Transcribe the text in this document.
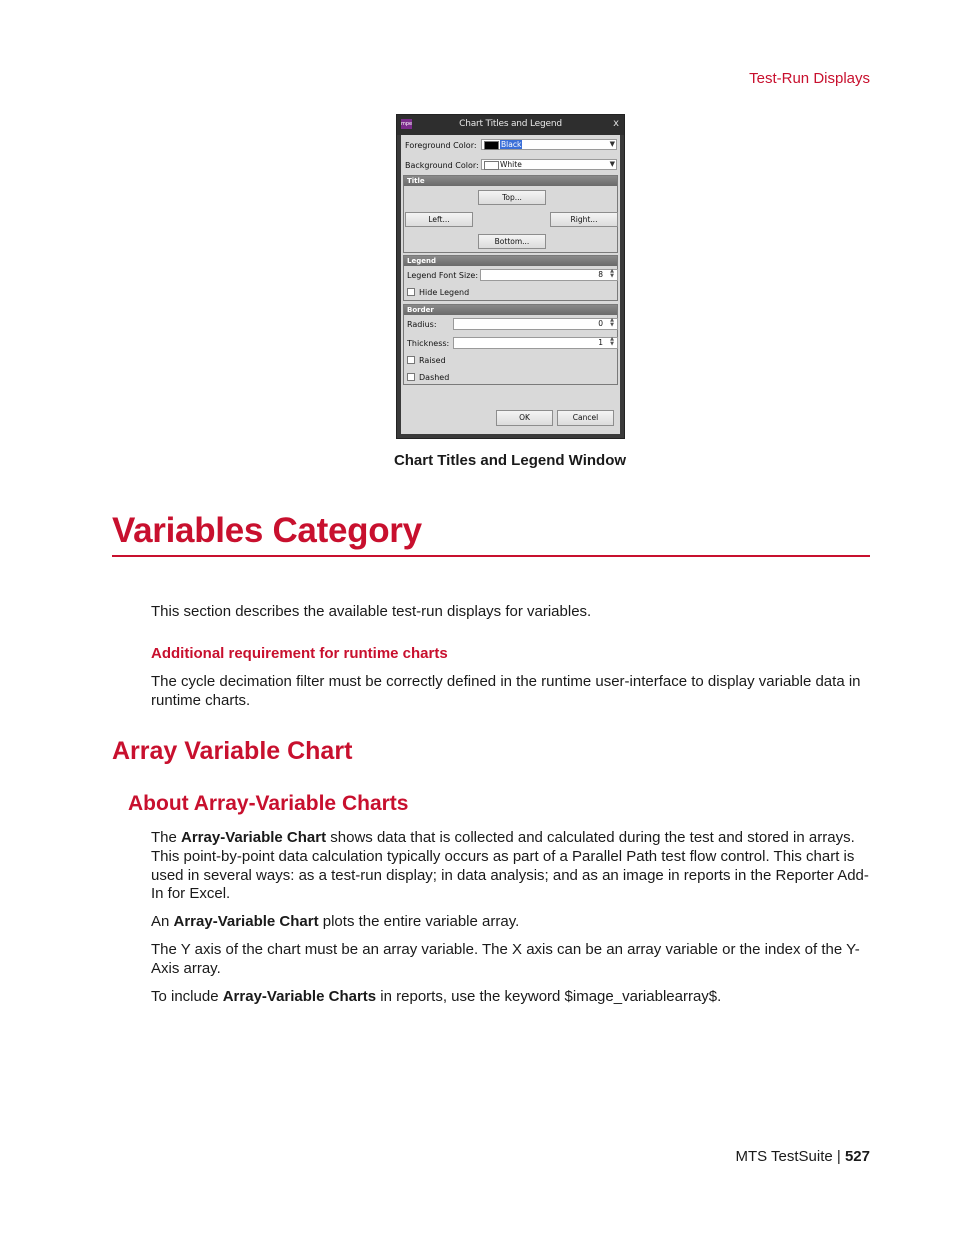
Test-Run Displays
mpe	Chart Titles and Legend	x
Foreground Color:	Black	▼
Background Color:	White	▼
Title
Top...
Left...	Right...
Bottom...
Legend
Legend Font Size:	8	▲
▼
Hide Legend
Border
Radius:	0	▲
▼
Thickness:	1	▲
▼
Raised
Dashed
OK	Cancel
Chart Titles and Legend Window
Variables Category
This section describes the available test-run displays for variables.
Additional requirement for runtime charts
The cycle decimation filter must be correctly defined in the runtime user-interface to display variable data in runtime charts.
Array Variable Chart
About Array-Variable Charts
The Array-Variable Chart shows data that is collected and calculated during the test and stored in arrays. This point-by-point data calculation typically occurs as part of a Parallel Path test flow control. This chart is used in several ways: as a test-run display; in data analysis; and as an image in reports in the Reporter Add-In for Excel.
An Array-Variable Chart plots the entire variable array.
The Y axis of the chart must be an array variable. The X axis can be an array variable or the index of the Y-Axis array.
To include Array-Variable Charts in reports, use the keyword $image_variablearray$.
MTS TestSuite | 527
